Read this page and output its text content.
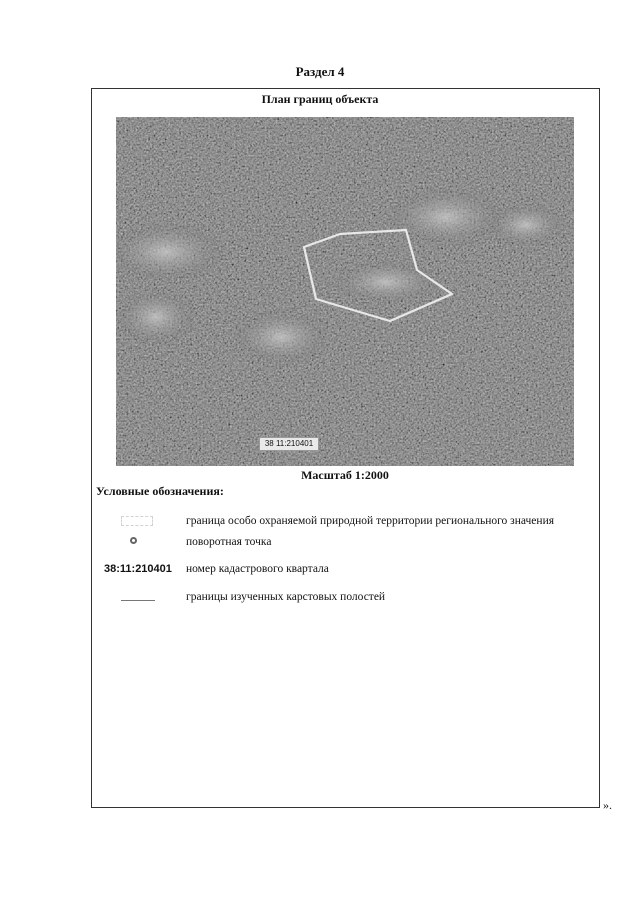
Раздел 4
План границ объекта
38 11:210401
Масштаб 1:2000
Условные обозначения:
граница особо охраняемой природной территории регионального значения
поворотная точка
38:11:210401 номер кадастрового квартала
границы изученных карстовых полостей
».
